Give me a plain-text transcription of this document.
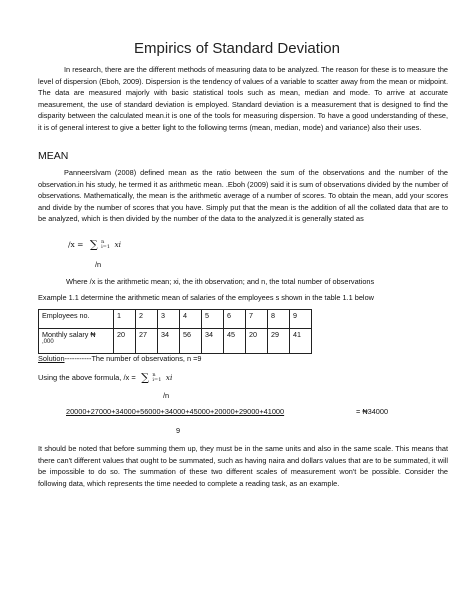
Empirics of Standard Deviation
In research, there are the different methods of measuring data to be analyzed. The reason for these is to measure the level of dispersion (Eboh, 2009). Dispersion is the tendency of values of a variable to scatter away from the mean or midpoint. The data are measured majorly with basic statistical tools such as mean, median and mode. To arrive at accurate measurement, the use of standard deviation is employed. Standard deviation is a measurement that is designed to find the disparity between the calculated mean.it is one of the tools for measuring dispersion. To have a good understanding of these, it is of general interest to give a better light to the following terms (mean, median, mode) and variance) also their uses.
MEAN
Panneerslvam (2008) defined mean as the ratio between the sum of the observations and the number of the observation.in his study, he termed it as arithmetic mean. .Eboh (2009) said it is sum of observations divided by the number of observations. Mathematically, the mean is the arithmetic average of a number of scores. To obtain the mean, add your scores and divide by the number of scores that you have. Simply put that the mean is the addition of all the collated data that are to be analyzed, which is then divided by the number of the data to the analyzed.it is generally stated as
/x = ∑ n
i=1 xi
/n
Where /x is the arithmetic mean; xi, the ith observation; and n, the total number of observations
Example 1.1 determine the arithmetic mean of salaries of the employees s shown in the table 1.1 below
Employees no.	1	2	3	4	5	6	7	8	9

Monthly salary ₦
,000	20	27	34	56	34	45	20	29	41
Solution-----------The number of observations, n =9
Using the above formula, /x = ∑ n
i=1 xi
/n
20000+27000+34000+56000+34000+45000+20000+29000+41000	= ₦34000
9
It should be noted that before summing them up, they must be in the same units and also in the same scale. This means that there can't different values that ought to be summated, such as having naira and dollars values that are to be summated, it will be impossible to do so. The summation of these two different scales of measurement won't be possible. Consider the following data, which represents the time needed to complete a reading task, as an example.
